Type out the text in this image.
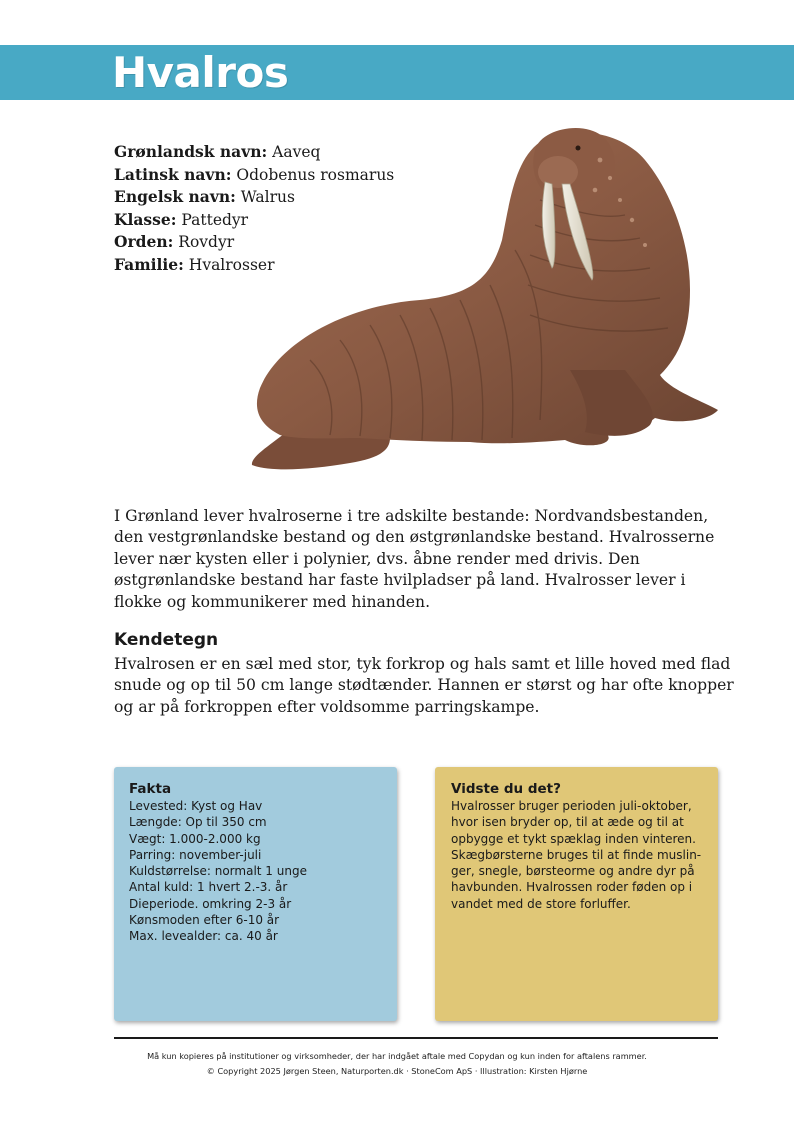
Hvalros
Grønlandsk navn: Aaveq
Latinsk navn: Odobenus rosmarus
Engelsk navn: Walrus
Klasse: Pattedyr
Orden: Rovdyr
Familie: Hvalrosser
I Grønland lever hvalroserne i tre adskilte bestande: Nordvandsbestanden, den vestgrønlandske bestand og den østgrønlandske bestand. Hvalrosserne lever nær kysten eller i polynier, dvs. åbne render med drivis. Den østgrønlandske bestand har faste hvilpladser på land. Hvalrosser lever i flokke og kommunikerer med hinanden.
Kendetegn
Hvalrosen er en sæl med stor, tyk forkrop og hals samt et lille hoved med flad snude og op til 50 cm lange stødtænder. Hannen er størst og har ofte knopper og ar på forkroppen efter voldsomme parringskampe.
Fakta
Levested: Kyst og Hav
Længde: Op til 350 cm
Vægt: 1.000-2.000 kg
Parring: november-juli
Kuldstørrelse: normalt 1 unge
Antal kuld: 1 hvert 2.-3. år
Dieperiode. omkring 2-3 år
Kønsmoden efter 6-10 år
Max. levealder: ca. 40 år
Vidste du det?
Hvalrosser bruger perioden juli-oktober,
hvor isen bryder op, til at æde og til at
opbygge et tykt spæklag inden vinteren.
Skægbørsterne bruges til at finde muslin-
ger, snegle, børsteorme og andre dyr på
havbunden. Hvalrossen roder føden op i
vandet med de store forluffer.
Må kun kopieres på institutioner og virksomheder, der har indgået aftale med Copydan og kun inden for aftalens rammer.
© Copyright 2025 Jørgen Steen, Naturporten.dk · StoneCom ApS · Illustration: Kirsten Hjørne
